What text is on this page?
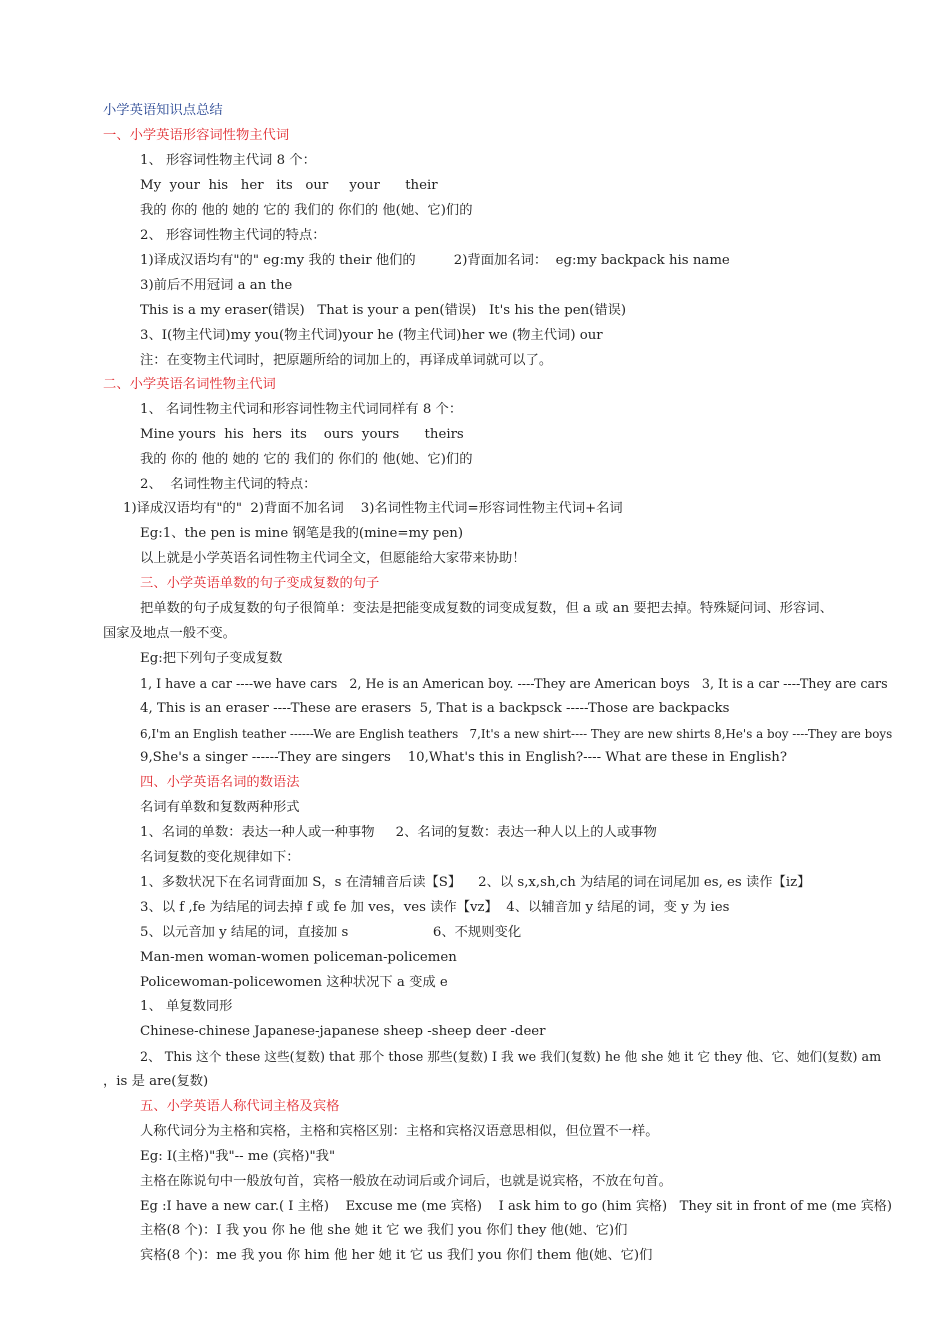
小学英语知识点总结
一、小学英语形容词性物主代词
1、 形容词性物主代词 8 个：
My  your  his   her   its   our     your      their
我的 你的 他的 她的 它的 我们的 你们的 他(她、它)们的
2、 形容词性物主代词的特点：
1)译成汉语均有"的" eg:my 我的 their 他们的         2)背面加名词：  eg:my backpack his name
3)前后不用冠词 a an the
This is a my eraser(错误)   That is your a pen(错误)   It's his the pen(错误)
3、I(物主代词)my you(物主代词)your he (物主代词)her we (物主代词) our
注：在变物主代词时，把原题所给的词加上的，再译成单词就可以了。
二、小学英语名词性物主代词
1、 名词性物主代词和形容词性物主代词同样有 8 个：
Mine yours  his  hers  its    ours  yours      theirs
我的 你的 他的 她的 它的 我们的 你们的 他(她、它)们的
2、  名词性物主代词的特点：
1)译成汉语均有"的"  2)背面不加名词    3)名词性物主代词=形容词性物主代词+名词
Eg:1、the pen is mine 钢笔是我的(mine=my pen)
以上就是小学英语名词性物主代词全文，但愿能给大家带来协助！
三、小学英语单数的句子变成复数的句子
把单数的句子成复数的句子很简单：变法是把能变成复数的词变成复数，但 a 或 an 要把去掉。特殊疑问词、形容词、
国家及地点一般不变。
Eg:把下列句子变成复数
1, I have a car ----we have cars   2, He is an American boy. ----They are American boys   3, It is a car ----They are cars
4, This is an eraser ----These are erasers  5, That is a backpsck -----Those are backpacks
6,I'm an English teather ------We are English teathers   7,It's a new shirt---- They are new shirts 8,He's a boy ----They are boys
9,She's a singer ------They are singers    10,What's this in English?---- What are these in English?
四、小学英语名词的数语法
名词有单数和复数两种形式
1、名词的单数：表达一种人或一种事物     2、名词的复数：表达一种人以上的人或事物
名词复数的变化规律如下：
1、多数状况下在名词背面加 S，s 在清辅音后读【S】    2、以 s,x,sh,ch 为结尾的词在词尾加 es, es 读作【iz】
3、以 f ,fe 为结尾的词去掉 f 或 fe 加 ves，ves 读作【vz】  4、以辅音加 y 结尾的词，变 y 为 ies
5、以元音加 y 结尾的词，直接加 s                    6、不规则变化
Man-men woman-women policeman-policemen
Policewoman-policewomen 这种状况下 a 变成 e
1、 单复数同形
Chinese-chinese Japanese-japanese sheep -sheep deer -deer
2、 This 这个 these 这些(复数) that 那个 those 那些(复数) I 我 we 我们(复数) he 他 she 她 it 它 they 他、它、她们(复数) am
，is 是 are(复数)
五、小学英语人称代词主格及宾格
人称代词分为主格和宾格，主格和宾格区别：主格和宾格汉语意思相似，但位置不一样。
Eg: I(主格)"我"-- me (宾格)"我"
主格在陈说句中一般放句首，宾格一般放在动词后或介词后，也就是说宾格，不放在句首。
Eg :I have a new car.( I 主格)    Excuse me (me 宾格)    I ask him to go (him 宾格)   They sit in front of me (me 宾格)
主格(8 个)：I 我 you 你 he 他 she 她 it 它 we 我们 you 你们 they 他(她、它)们
宾格(8 个)：me 我 you 你 him 他 her 她 it 它 us 我们 you 你们 them 他(她、它)们
